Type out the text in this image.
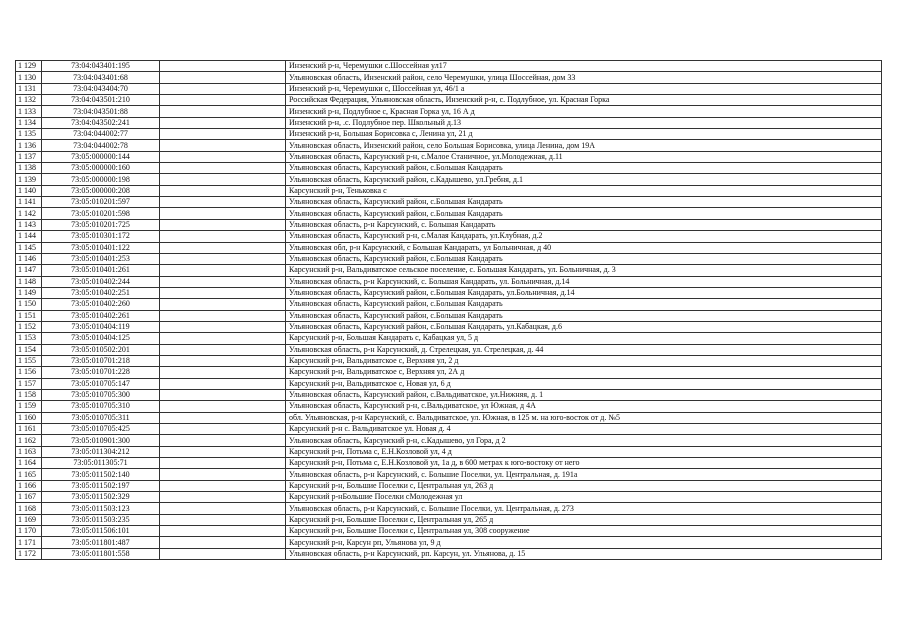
1 129	73:04:043401:195		Инзенский р-н, Черемушки с.Шоссейная ул17
1 130	73:04:043401:68		Ульяновская область, Инзенский район, село Черемушки, улица Шоссейная, дом 33
1 131	73:04:043404:70		Инзенский р-н, Черемушки с, Шоссейная ул, 46/1 а
1 132	73:04:043501:210		Российская Федерация, Ульяновская область, Инзенский р-н, с. Подлубное, ул. Красная Горка
1 133	73:04:043501:88		Инзенский р-н, Подлубное с, Красная Горка ул, 16 А д
1 134	73:04:043502:241		Инзенский р-н, .с. Подлубное пер. Школьный д.13
1 135	73:04:044002:77		Инзенский р-н, Большая Борисовка с, Ленина ул, 21 д
1 136	73:04:044002:78		Ульяновская область, Инзенский район, село Большая Борисовка, улица Ленина, дом 19А
1 137	73:05:000000:144		Ульяновская область, Карсунский р-н, с.Малое Станичное, ул.Молодежная, д.11
1 138	73:05:000000:160		Ульяновская область, Карсунский район, с.Большая Кандарать
1 139	73:05:000000:198		Ульяновская область, Карсунский район, с.Кадышево, ул.Гребня, д.1
1 140	73:05:000000:208		Карсунский р-н, Теньковка с
1 141	73:05:010201:597		Ульяновская область, Карсунский район, с.Большая Кандарать
1 142	73:05:010201:598		Ульяновская область, Карсунский район, с.Большая Кандарать
1 143	73:05:010201:725		Ульяновская область, р-н Карсунский, с. Большая Кандарать
1 144	73:05:010301:172		Ульяновская область, Карсунский р-н, с.Малая Кандарать, ул.Клубная, д.2
1 145	73:05:010401:122		Ульяновская обл, р-н Карсунский, с Большая Кандарать, ул Больничная, д 40
1 146	73:05:010401:253		Ульяновская область, Карсунский район, с.Большая Кандарать
1 147	73:05:010401:261		Карсунский р-н, Вальдиватское сельское поселение, с. Большая Кандарать, ул. Больничная, д. 3
1 148	73:05:010402:244		Ульяновская область, р-н Карсунский, с. Большая Кандарать, ул. Больничная, д.14
1 149	73:05:010402:251		Ульяновская область, Карсунский район, с.Большая Кандарать, ул.Больничная, д.14
1 150	73:05:010402:260		Ульяновская область, Карсунский район, с.Большая Кандарать
1 151	73:05:010402:261		Ульяновская область, Карсунский район, с.Большая Кандарать
1 152	73:05:010404:119		Ульяновская область, Карсунский район, с.Большая Кандарать, ул.Кабацкая, д.6
1 153	73:05:010404:125		Карсунский р-н, Большая Кандарать с, Кабацкая ул, 5 д
1 154	73:05:010502:201		Ульяновская область, р-н Карсунский, д. Стрелецкая, ул. Стрелецкая, д. 44
1 155	73:05:010701:218		Карсунский р-н, Вальдиватское с, Верхняя ул, 2 д
1 156	73:05:010701:228		Карсунский р-н, Вальдиватское с, Верхняя ул, 2А д
1 157	73:05:010705:147		Карсунский р-н, Вальдиватское с, Новая ул, 6 д
1 158	73:05:010705:300		Ульяновская область, Карсунский район, с.Вальдиватское, ул.Нижняя, д. 1
1 159	73:05:010705:310		Ульяновская область, Карсунский р-н, с.Вальдиватское, ул Южная, д 4А
1 160	73:05:010705:311		обл. Ульяновская, р-н Карсунский, с. Вальдиватское, ул. Южная, в 125 м. на юго-восток от д. №5
1 161	73:05:010705:425		Карсунский р-н с. Вальдиватское ул. Новая д. 4
1 162	73:05:010901:300		Ульяновская область, Карсунский р-н, с.Кадышево, ул Гора, д 2
1 163	73:05:011304:212		Карсунский р-н, Потьма с, Е.Н.Козловой ул, 4 д
1 164	73:05:011305:71		Карсунский р-н, Потьма с, Е.Н.Козловой ул, 1а д, в 600 метрах к юго-востоку от него
1 165	73:05:011502:140		Ульяновская область, р-н Карсунский, с. Большие Поселки, ул. Центральная, д. 191а
1 166	73:05:011502:197		Карсунский р-н, Большие Поселки с, Центральная ул, 263 д
1 167	73:05:011502:329		Карсунский р-нБольшие Поселки сМолодежная ул
1 168	73:05:011503:123		Ульяновская область, р-н Карсунский, с. Большие Поселки, ул. Центральная, д. 273
1 169	73:05:011503:235		Карсунский р-н, Большие Поселки с, Центральная ул, 265 д
1 170	73:05:011506:101		Карсунский р-н, Большие Поселки с, Центральная ул, 308 сооружение
1 171	73:05:011801:487		Карсунский р-н, Карсун рп, Ульянова ул, 9 д
1 172	73:05:011801:558		Ульяновская область, р-н Карсунский, рп. Карсун, ул. Ульянова, д. 15
